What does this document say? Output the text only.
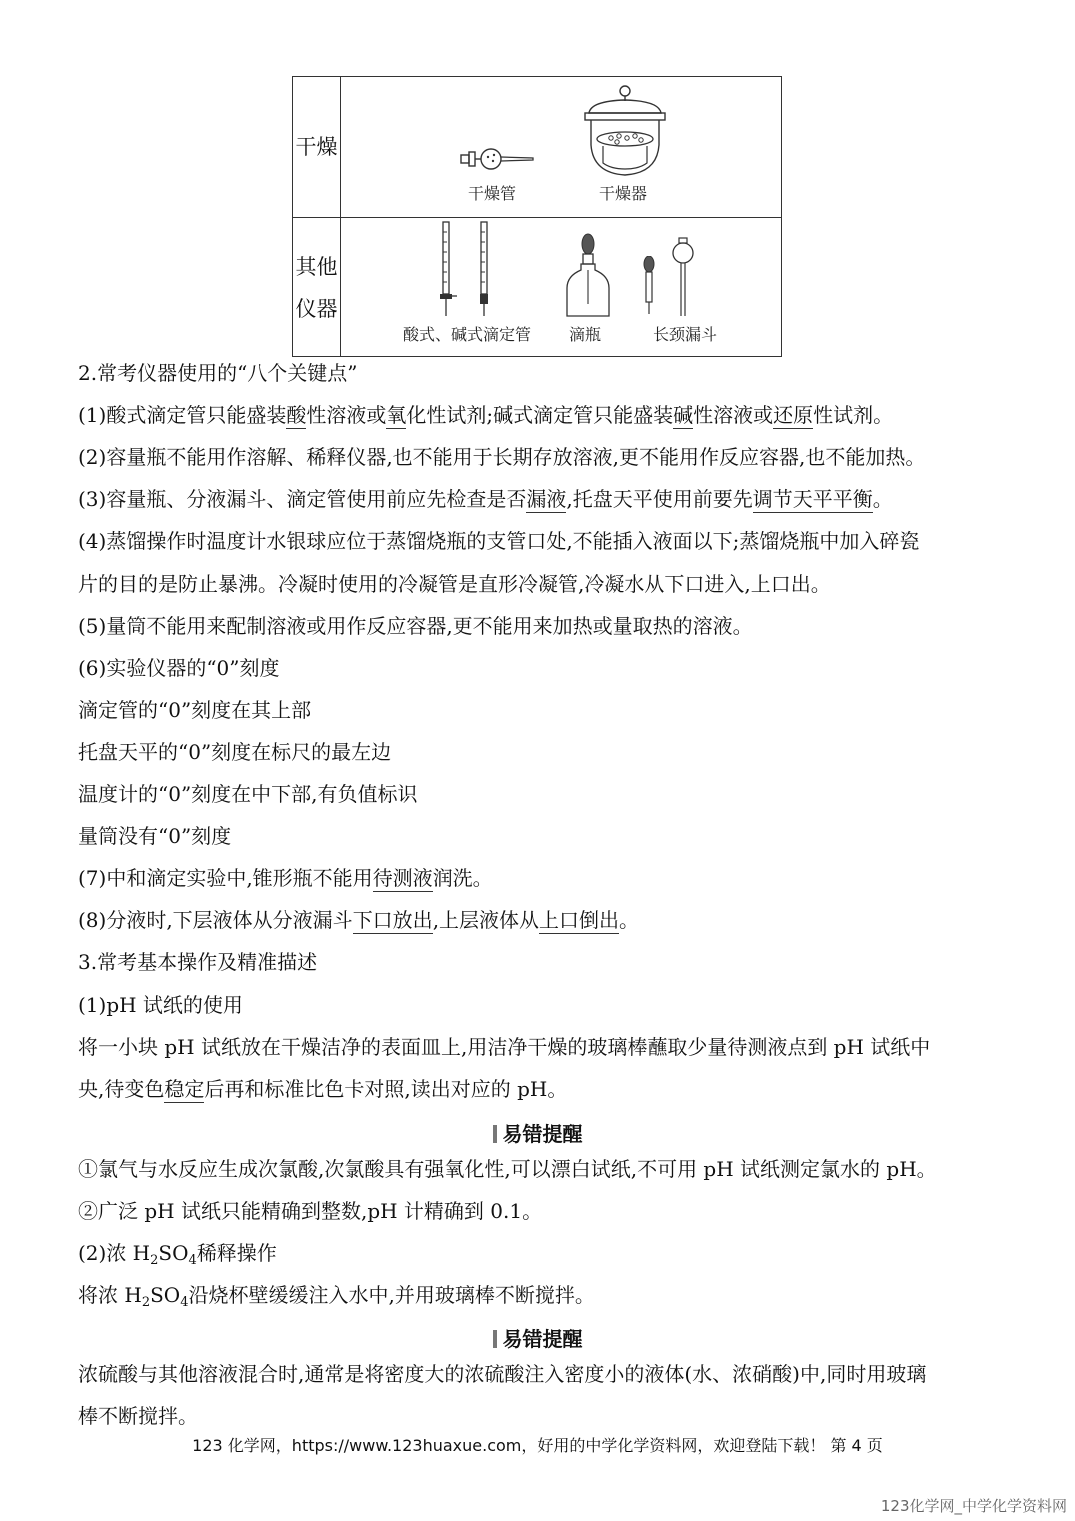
干燥
干燥管	干燥器
其他仪器
酸式、碱式滴定管 滴瓶	长颈漏斗
2.常考仪器使用的“八个关键点”
(1)酸式滴定管只能盛装酸性溶液或氧化性试剂;碱式滴定管只能盛装碱性溶液或还原性试剂。
(2)容量瓶不能用作溶解、稀释仪器,也不能用于长期存放溶液,更不能用作反应容器,也不能加热。
(3)容量瓶、分液漏斗、滴定管使用前应先检查是否漏液,托盘天平使用前要先调节天平平衡。
(4)蒸馏操作时温度计水银球应位于蒸馏烧瓶的支管口处,不能插入液面以下;蒸馏烧瓶中加入碎瓷
片的目的是防止暴沸。冷凝时使用的冷凝管是直形冷凝管,冷凝水从下口进入,上口出。
(5)量筒不能用来配制溶液或用作反应容器,更不能用来加热或量取热的溶液。
(6)实验仪器的“0”刻度
滴定管的“0”刻度在其上部
托盘天平的“0”刻度在标尺的最左边
温度计的“0”刻度在中下部,有负值标识
量筒没有“0”刻度
(7)中和滴定实验中,锥形瓶不能用待测液润洗。
(8)分液时,下层液体从分液漏斗下口放出,上层液体从上口倒出。
3.常考基本操作及精准描述
(1)pH 试纸的使用
将一小块 pH 试纸放在干燥洁净的表面皿上,用洁净干燥的玻璃棒蘸取少量待测液点到 pH 试纸中
央,待变色稳定后再和标准比色卡对照,读出对应的 pH。
易错提醒
①氯气与水反应生成次氯酸,次氯酸具有强氧化性,可以漂白试纸,不可用 pH 试纸测定氯水的 pH。
②广泛 pH 试纸只能精确到整数,pH 计精确到 0.1。
(2)浓 $H_2SO_4$稀释操作
将浓 $H_2SO_4$沿烧杯壁缓缓注入水中,并用玻璃棒不断搅拌。
易错提醒
浓硫酸与其他溶液混合时,通常是将密度大的浓硫酸注入密度小的液体(水、浓硝酸)中,同时用玻璃
棒不断搅拌。
123 化学网，https://www.123huaxue.com，好用的中学化学资料网，欢迎登陆下载！ 第 4 页
123化学网_中学化学资料网
